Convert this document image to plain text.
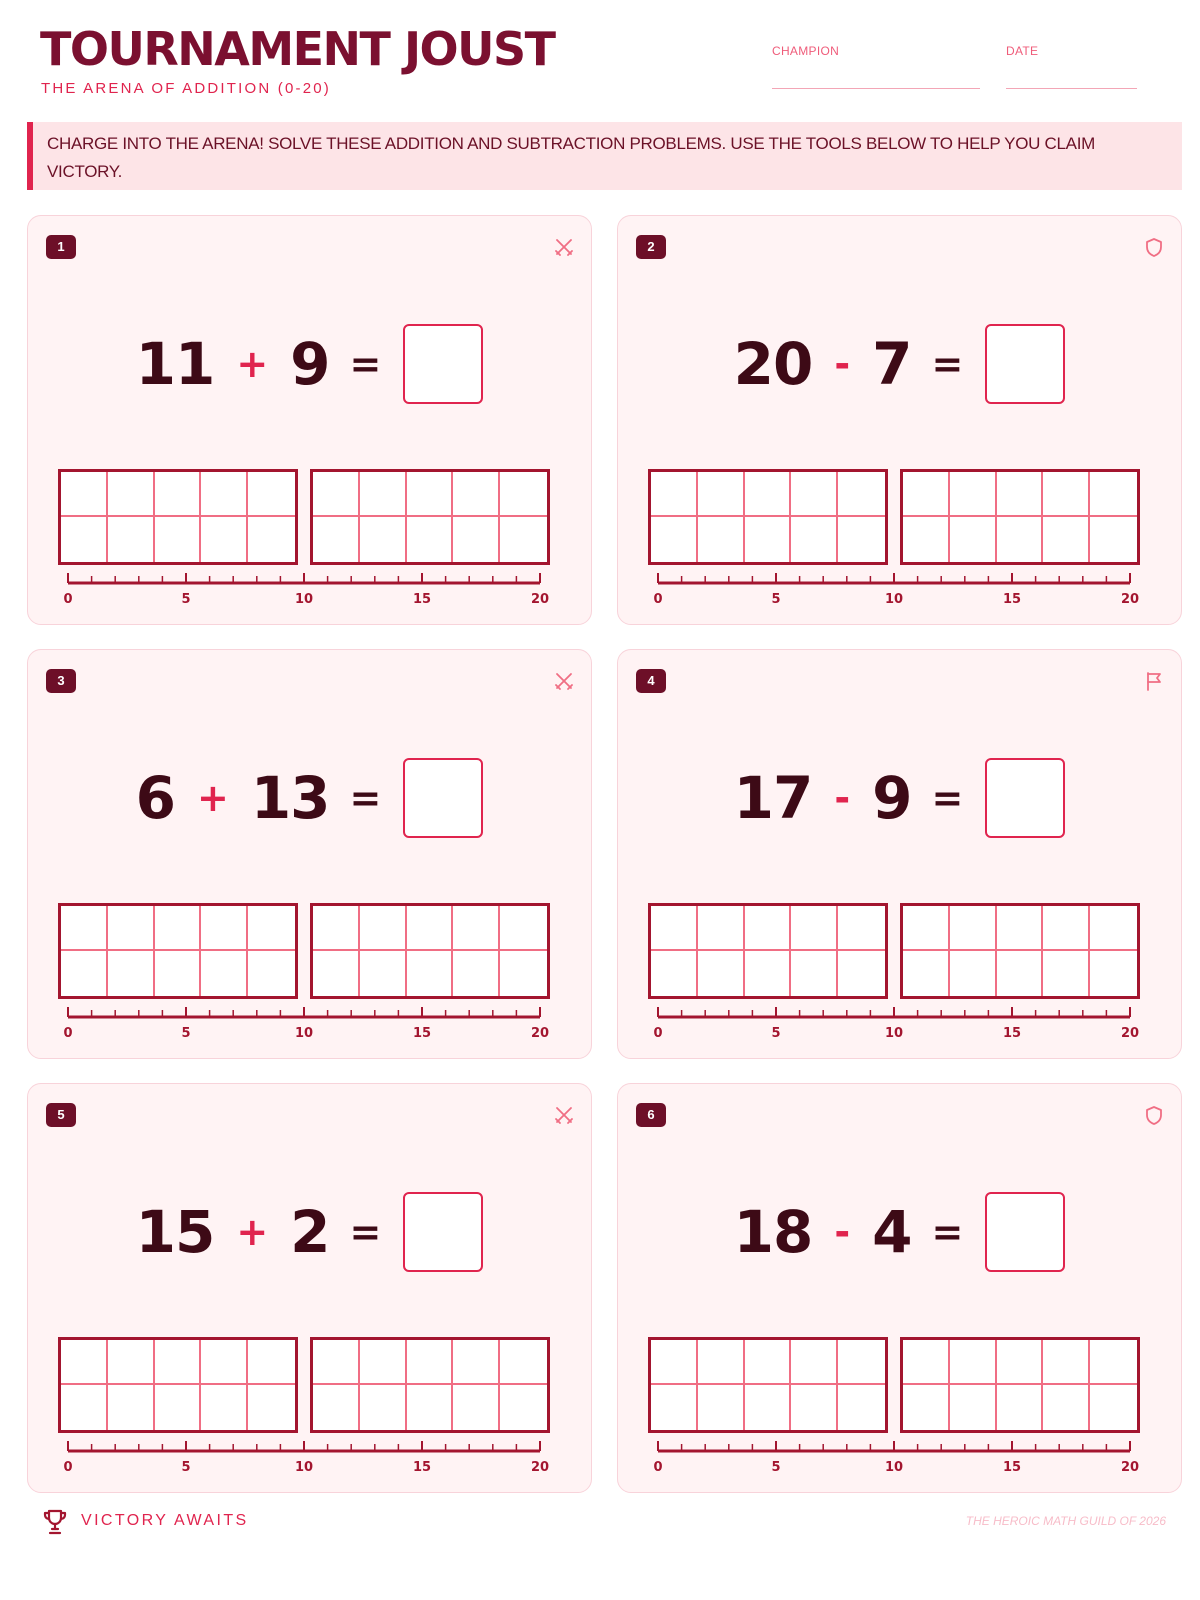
TOURNAMENT JOUST
THE ARENA OF ADDITION (0-20)
CHAMPION	DATE
CHARGE INTO THE ARENA! SOLVE THESE ADDITION AND SUBTRACTION PROBLEMS. USE THE TOOLS BELOW TO HELP YOU CLAIM VICTORY.
1
11 + 9 =
0	5	10	15	20
2
20 - 7 =
0	5	10	15	20
3
6 + 13 =
0	5	10	15	20
4
17 - 9 =
0	5	10	15	20
5
15 + 2 =
0	5	10	15	20
6
18 - 4 =
0	5	10	15	20
VICTORY AWAITS	THE HEROIC MATH GUILD OF 2026
